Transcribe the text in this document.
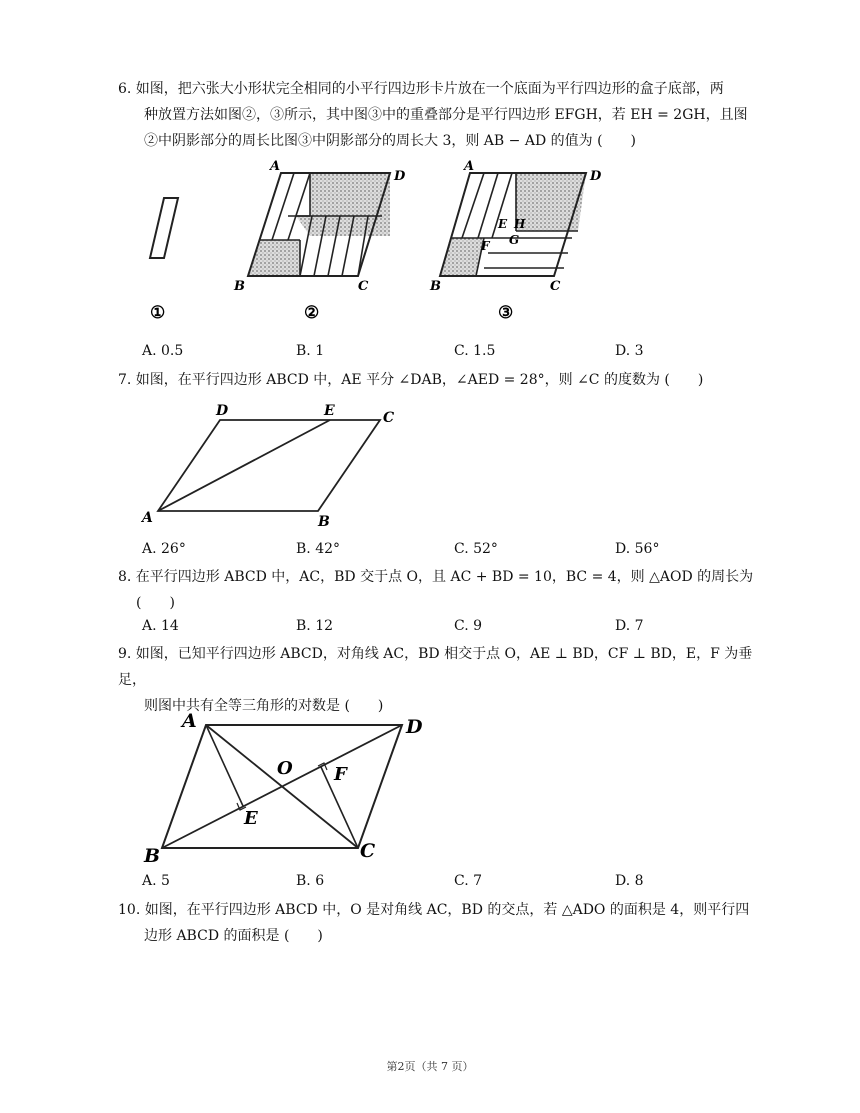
6. 如图，把六张大小形状完全相同的小平行四边形卡片放在一个底面为平行四边形的盒子底部，两
种放置方法如图②，③所示，其中图③中的重叠部分是平行四边形 EFGH，若 EH = 2GH，且图
②中阴影部分的周长比图③中阴影部分的周长大 3，则 AB − AD 的值为 (　　)
①
A
D
B	C
②
A
D
B	C
E H
F G
③
A. 0.5	B. 1	C. 1.5	D. 3
7. 如图，在平行四边形 ABCD 中，AE 平分 ∠DAB，∠AED = 28°，则 ∠C 的度数为 (　　)
D	E	C
A	B
A. 26°	B. 42°	C. 52°	D. 56°
8. 在平行四边形 ABCD 中，AC，BD 交于点 O，且 AC + BD = 10，BC = 4，则 △AOD 的周长为
(　　)
A. 14	B. 12	C. 9	D. 7
9. 如图，已知平行四边形 ABCD，对角线 AC，BD 相交于点 O，AE ⊥ BD，CF ⊥ BD，E，F 为垂足，
则图中共有全等三角形的对数是 (　　)
A	D
B	C
O
E
F
A. 5	B. 6	C. 7	D. 8
10. 如图，在平行四边形 ABCD 中，O 是对角线 AC，BD 的交点，若 △ADO 的面积是 4，则平行四
边形 ABCD 的面积是 (　　)
第2页（共 7 页）
